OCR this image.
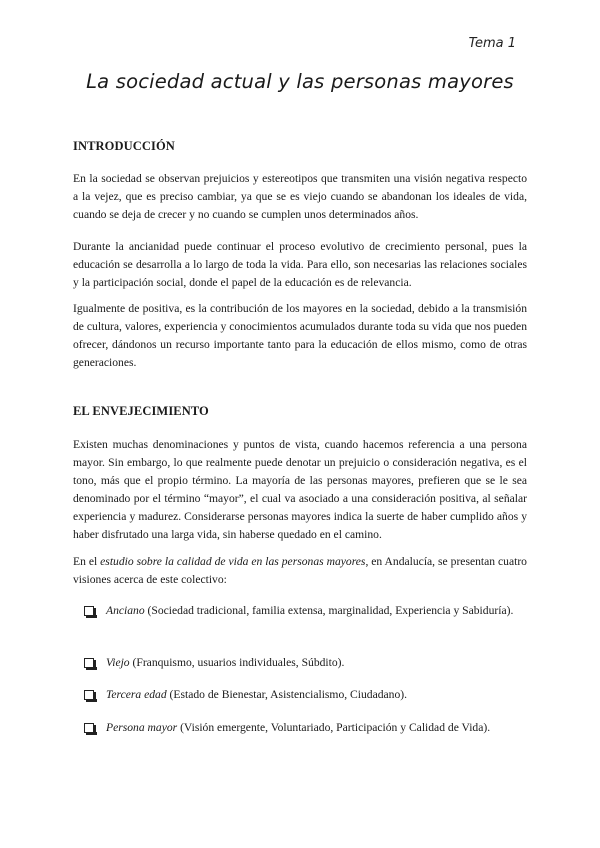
Tema 1
La sociedad actual y las personas mayores
INTRODUCCIÓN
En la sociedad se observan prejuicios y estereotipos que transmiten una visión negativa respecto a la vejez, que es preciso cambiar, ya que se es viejo cuando se abandonan los ideales de vida, cuando se deja de crecer y no cuando se cumplen unos determinados años.
Durante la ancianidad puede continuar el proceso evolutivo de crecimiento personal, pues la educación se desarrolla a lo largo de toda la vida. Para ello, son necesarias las relaciones sociales y la participación social, donde el papel de la educación es de relevancia.
Igualmente de positiva, es la contribución de los mayores en la sociedad, debido a la transmisión de cultura, valores, experiencia y conocimientos acumulados durante toda su vida que nos pueden ofrecer, dándonos un recurso importante tanto para la educación de ellos mismo, como de otras generaciones.
EL ENVEJECIMIENTO
Existen muchas denominaciones y puntos de vista, cuando hacemos referencia a una persona mayor. Sin embargo, lo que realmente puede denotar un prejuicio o consideración negativa, es el tono, más que el propio término. La mayoría de las personas mayores, prefieren que se le sea denominado por el término “mayor”, el cual va asociado a una consideración positiva, al señalar experiencia y madurez. Considerarse personas mayores indica la suerte de haber cumplido años y haber disfrutado una larga vida, sin haberse quedado en el camino.
En el estudio sobre la calidad de vida en las personas mayores, en Andalucía, se presentan cuatro visiones acerca de este colectivo:
Anciano (Sociedad tradicional, familia extensa, marginalidad, Experiencia y Sabiduría).
Viejo (Franquismo, usuarios individuales, Súbdito).
Tercera edad (Estado de Bienestar, Asistencialismo, Ciudadano).
Persona mayor (Visión emergente, Voluntariado, Participación y Calidad de Vida).
